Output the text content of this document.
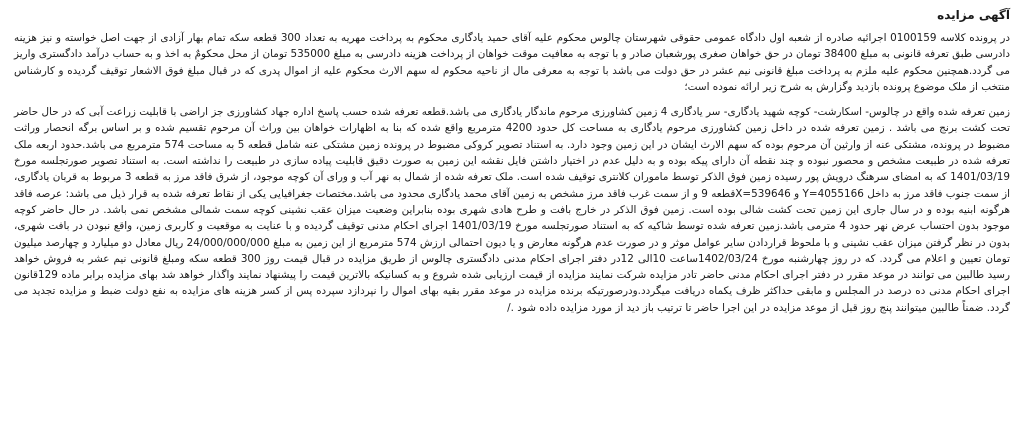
آگهی مزایده

در پرونده کلاسه 0100159 اجرائیه صادره از شعبه اول دادگاه عمومی حقوقی شهرستان چالوس محکوم علیه آقای حمید یادگاری محکوم به پرداخت مهریه به تعداد 300 قطعه سکه تمام بهار آزادی از جهت اصل خواسته و نیز هزینه دادرسی طبق تعرفه قانونی به مبلغ 38400 تومان در حق خواهان صغری پورشعبان صادر و با توجه به معافیت موقت خواهان از پرداخت هزینه دادرسی به مبلغ 535000 تومان از محل محکومٌ به اخذ و به حساب درآمد دادگستری واریز می گردد.همچنین محکوم علیه ملزم به پرداخت مبلغ قانونی نیم عشر در حق دولت می باشد با توجه به معرفی مال از ناحیه محکوم له سهم الارث محکوم علیه از اموال پدری که در قبال مبلغ فوق الاشعار توقیف گردیده و کارشناس منتخب از ملک موضوع پرونده بازدید وگزارش به شرح زیر ارائه نموده است؛

زمین تعرفه شده واقع در چالوس- اسکارشت- کوچه شهید یادگاری- سر یادگاری 4 زمین کشاورزی مرحوم ماندگار یادگاری می باشد.قطعه تعرفه شده حسب پاسخ اداره جهاد کشاورزی جز اراضی با قابلیت زراعت آبی که در حال حاضر تحت کشت برنج می باشد . زمین تعرفه شده در داخل زمین کشاورزی مرحوم یادگاری به مساحت کل حدود 4200 مترمربع واقع شده که بنا به اظهارات خواهان بین وراث آن مرحوم تقسیم شده و بر اساس برگه انحصار وراثت مضبوط در پرونده، مشتکی عنه از وارثین آن مرحوم بوده که سهم الارث ایشان در این زمین وجود دارد. به استناد تصویر کروکی مضبوط در پرونده زمین مشتکی عنه شامل قطعه 5 به مساحت 574 مترمربع می باشد.حدود اربعه ملک تعرفه شده در طبیعت مشخص و محصور نبوده و چند نقطه آن دارای پیکه بوده و به دلیل عدم در اختیار داشتن فایل نقشه این زمین به صورت دقیق قابلیت پیاده سازی در طبیعت را نداشته است. به استناد تصویر صورتجلسه مورخ 1401/03/19 که به امضای سرهنگ درویش پور رسیده زمین فوق الذکر توسط ماموران کلانتری توقیف شده است. ملک تعرفه شده از شمال به نهر آب و ورای آن کوچه موجود، از شرق فاقد مرز به قطعه 3 مربوط به قربان یادگاری، از سمت جنوب فاقد مرز به داخل Y=4055166 و X=539646قطعه 9 و از سمت غرب فاقد مرز مشخص به زمین آقای محمد یادگاری محدود می باشد.مختصات جغرافیایی یکی از نقاط تعرفه شده به قرار ذیل می باشد: عرصه فاقد هرگونه ابنیه بوده و در سال جاری این زمین تحت کشت شالی بوده است. زمین فوق الذکر در خارج بافت و طرح هادی شهری بوده بنابراین وضعیت میزان عقب نشینی کوچه سمت شمالی مشخص نمی باشد. در حال حاضر کوچه موجود بدون احتساب عرض نهر حدود 4 مترمی باشد.زمین تعرفه شده توسط شاکیه که به استناد صورتجلسه مورخ 1401/03/19 اجرای احکام مدنی توقیف گردیده و با عنایت به موقعیت و کاربری زمین، واقع نبودن در بافت شهری، بدون در نظر گرفتن میزان عقب نشینی و با ملحوظ قراردادن سایر عوامل موثر و در صورت عدم هرگونه معارض و یا دیون احتمالی ارزش 574 مترمربع از این زمین به مبلغ 24/000/000/000 ریال معادل دو میلیارد و چهارصد میلیون تومان تعیین و اعلام می گردد. که در روز چهارشنبه مورخ 1402/03/24ساعت 10الی 12در دفتر اجرای احکام مدنی دادگستری چالوس از طریق مزایده در قبال قیمت روز 300 قطعه سکه ومبلغ قانونی نیم عشر به فروش خواهد رسید طالبین می توانند در موعد مقرر در دفتر اجرای احکام مدنی حاضر تادر مزایده شرکت نمایند مزایده از قیمت ارزیابی شده شروع و به کسانیکه بالاترین قیمت را پیشنهاد نمایند واگذار خواهد شد بهای مزایده برابر ماده 129قانون اجرای احکام مدنی ده درصد در المجلس و مابقی حداکثر ظرف یکماه دریافت میگردد.ودرصورتیکه برنده مزایده در موعد مقرر بقیه بهای اموال را نپردازد سپرده پس از کسر هزینه های مزایده به نفع دولت ضبط و مزایده تجدید می گردد. ضمناً طالبین میتوانند پنج روز قبل از موعد مزایده در این اجرا حاضر تا ترتیب باز دید از مورد مزایده داده شود ./
